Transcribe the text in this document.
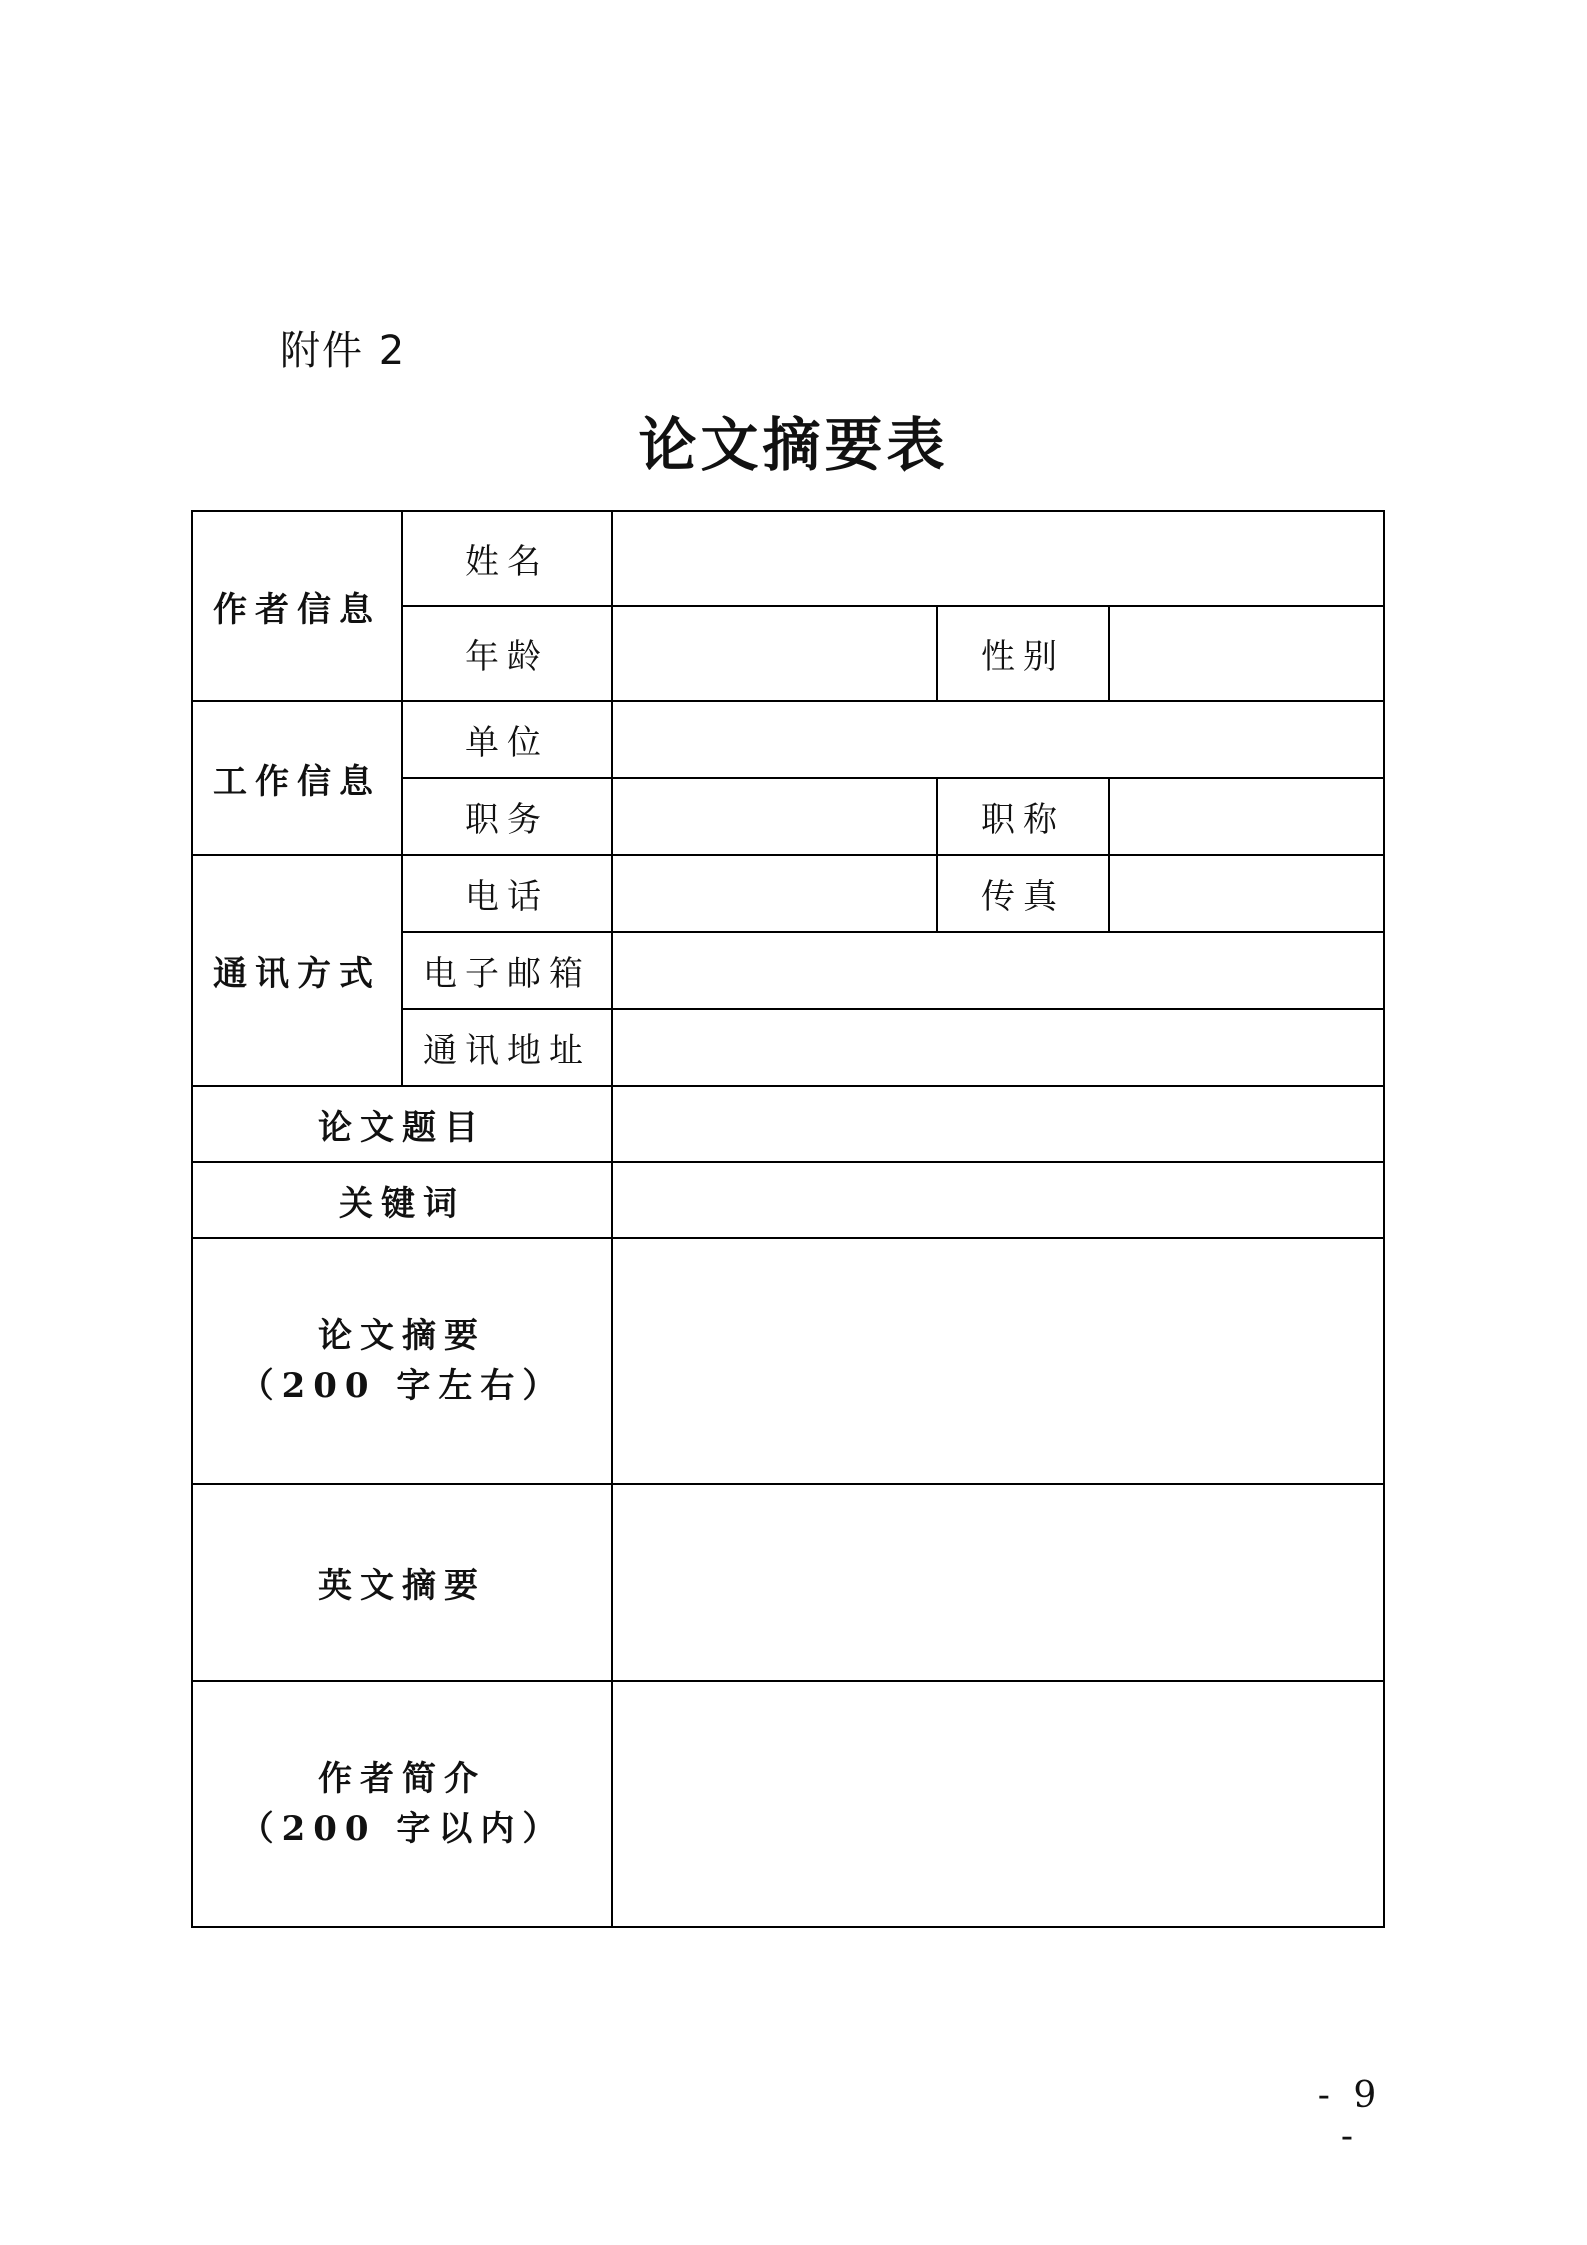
附件 2
论文摘要表
作者信息	姓名			
	年龄		性别	
工作信息	单位			
	职务		职称	
通讯方式	电话		传真	
	电子邮箱			
	通讯地址			
论文题目				
关键词				

论文摘要
（200 字左右）				

英文摘要				

作者简介
（200 字以内）				

- 9 -
